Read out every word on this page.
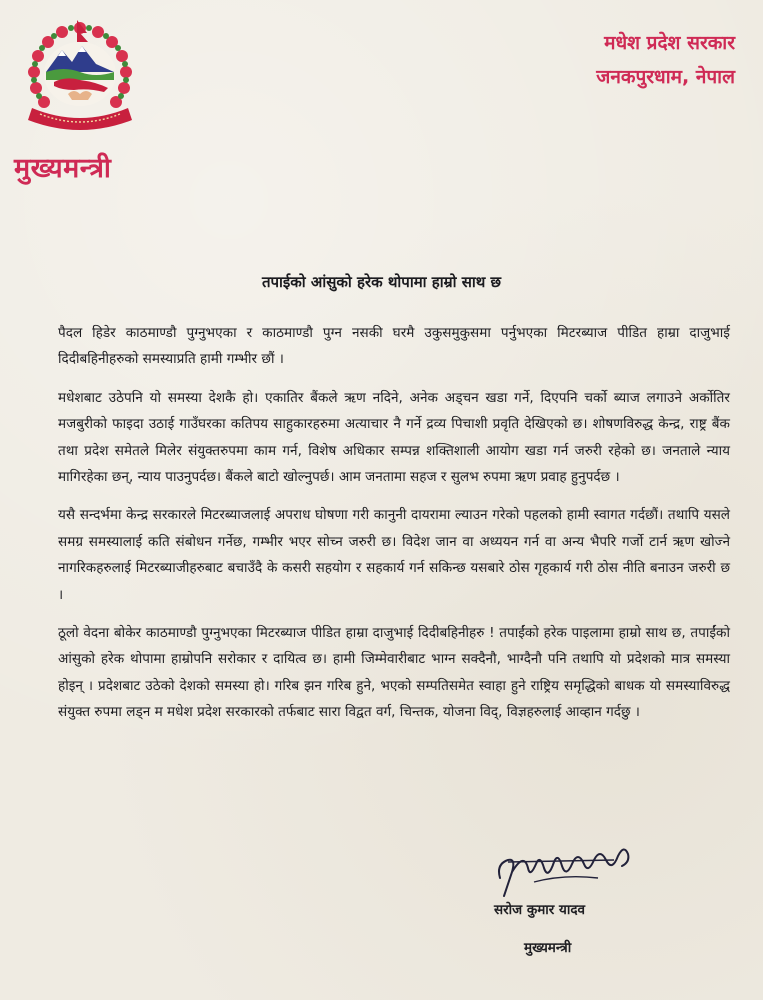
मुख्यमन्त्री
मधेश प्रदेश सरकार
जनकपुरधाम, नेपाल
तपाईको आंसुको हरेक थोपामा हाम्रो साथ छ

पैदल हिडेर काठमाण्डौ पुग्नुभएका र काठमाण्डौ पुग्न नसकी घरमै उकुसमुकुसमा पर्नुभएका मिटरब्याज पीडित हाम्रा दाजुभाई दिदीबहिनीहरुको समस्याप्रति हामी गम्भीर छौं ।

मधेशबाट उठेपनि यो समस्या देशकै हो। एकातिर बैंकले ऋण नदिने, अनेक अड्चन खडा गर्ने, दिएपनि चर्को ब्याज लगाउने अर्कोतिर मजबुरीको फाइदा उठाई गाउँघरका कतिपय साहुकारहरुमा अत्याचार नै गर्ने द्रव्य पिचाशी प्रवृति देखिएको छ। शोषणविरुद्ध केन्द्र, राष्ट्र बैंक तथा प्रदेश समेतले मिलेर संयुक्तरुपमा काम गर्न, विशेष अधिकार सम्पन्न शक्तिशाली आयोग खडा गर्न जरुरी रहेको छ। जनताले न्याय मागिरहेका छन्, न्याय पाउनुपर्दछ। बैंकले बाटो खोल्नुपर्छ। आम जनतामा सहज र सुलभ रुपमा ऋण प्रवाह हुनुपर्दछ ।

यसै सन्दर्भमा केन्द्र सरकारले मिटरब्याजलाई अपराध घोषणा गरी कानुनी दायरामा ल्याउन गरेको पहलको हामी स्वागत गर्दछौं। तथापि यसले समग्र समस्यालाई कति संबोधन गर्नेछ, गम्भीर भएर सोच्न जरुरी छ। विदेश जान वा अध्ययन गर्न वा अन्य भैपरि गर्जो टार्न ऋण खोज्ने नागरिकहरुलाई मिटरब्याजीहरुबाट बचाउँदै के कसरी सहयोग र सहकार्य गर्न सकिन्छ यसबारे ठोस गृहकार्य गरी ठोस नीति बनाउन जरुरी छ ।

ठूलो वेदना बोकेर काठमाण्डौ पुग्नुभएका मिटरब्याज पीडित हाम्रा दाजुभाई दिदीबहिनीहरु ! तपाईंको हरेक पाइलामा हाम्रो साथ छ, तपाईंको आंसुको हरेक थोपामा हाम्रोपनि सरोकार र दायित्व छ। हामी जिम्मेवारीबाट भाग्न सक्दैनौ, भाग्दैनौ पनि तथापि यो प्रदेशको मात्र समस्या होइन् । प्रदेशबाट उठेको देशको समस्या हो। गरिब झन गरिब हुने, भएको सम्पतिसमेत स्वाहा हुने राष्ट्रिय समृद्धिको बाधक यो समस्याविरुद्ध संयुक्त रुपमा लड्न म मधेश प्रदेश सरकारको तर्फबाट सारा विद्वत वर्ग, चिन्तक, योजना विद्, विज्ञहरुलाई आव्हान गर्दछु ।

सरोज कुमार यादव
मुख्यमन्त्री
